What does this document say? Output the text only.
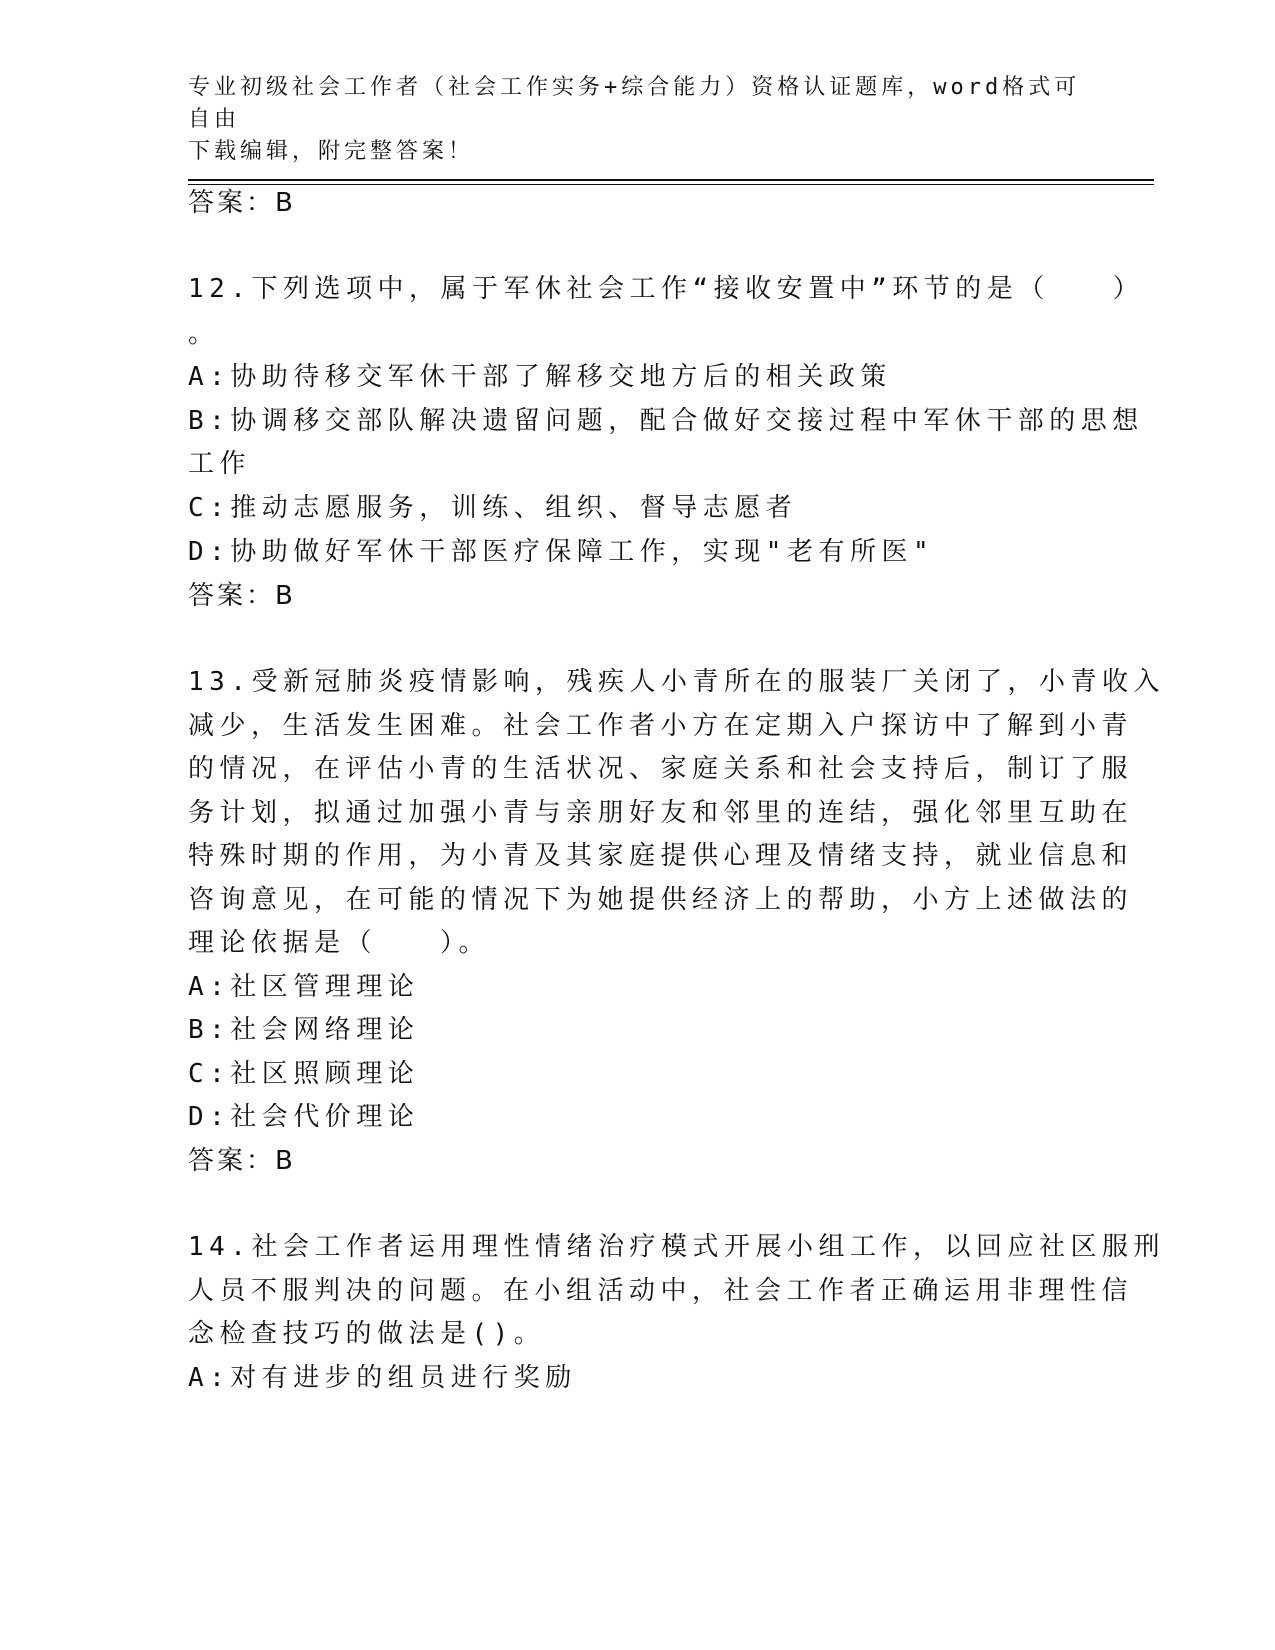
专业初级社会工作者（社会工作实务+综合能力）资格认证题库，word格式可自由
下载编辑，附完整答案！
答案：B
12.下列选项中，属于军休社会工作“接收安置中”环节的是（　　）
。
A:协助待移交军休干部了解移交地方后的相关政策
B:协调移交部队解决遗留问题，配合做好交接过程中军休干部的思想
工作
C:推动志愿服务，训练、组织、督导志愿者
D:协助做好军休干部医疗保障工作，实现"老有所医"
答案：B
13.受新冠肺炎疫情影响，残疾人小青所在的服装厂关闭了，小青收入
减少，生活发生困难。社会工作者小方在定期入户探访中了解到小青
的情况，在评估小青的生活状况、家庭关系和社会支持后，制订了服
务计划，拟通过加强小青与亲朋好友和邻里的连结，强化邻里互助在
特殊时期的作用，为小青及其家庭提供心理及情绪支持，就业信息和
咨询意见，在可能的情况下为她提供经济上的帮助，小方上述做法的
理论依据是（　　）。
A:社区管理理论
B:社会网络理论
C:社区照顾理论
D:社会代价理论
答案：B
14.社会工作者运用理性情绪治疗模式开展小组工作，以回应社区服刑
人员不服判决的问题。在小组活动中，社会工作者正确运用非理性信
念检查技巧的做法是()。
A:对有进步的组员进行奖励
